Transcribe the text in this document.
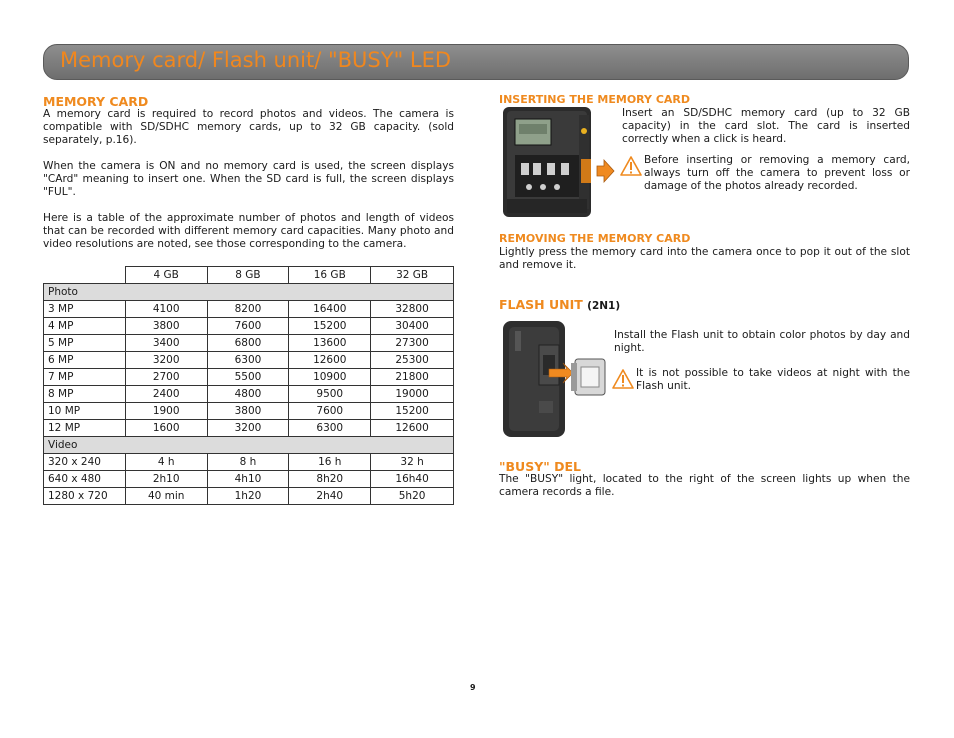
Memory card/ Flash unit/ "BUSY" LED
MEMORY CARD

A memory card is required to record photos and videos. The camera is compatible with SD/SDHC memory cards, up to 32 GB capacity. (sold separately, p.16).

When the camera is ON and no memory card is used, the screen displays "CArd" meaning to insert one. When the SD card is full, the screen displays "FUL".

Here is a table of the approximate number of photos and length of videos that can be recorded with different memory card capacities. Many photo and video resolutions are noted, see those corresponding to the camera.

	4 GB	8 GB	16 GB	32 GB
Photo				
3 MP	4100	8200	16400	32800
4 MP	3800	7600	15200	30400
5 MP	3400	6800	13600	27300
6 MP	3200	6300	12600	25300
7 MP	2700	5500	10900	21800
8 MP	2400	4800	9500	19000
10 MP	1900	3800	7600	15200
12 MP	1600	3200	6300	12600
Video				
320 x 240	4 h	8 h	16 h	32 h
640 x 480	2h10	4h10	8h20	16h40
1280 x 720	40 min	1h20	2h40	5h20
INSERTING THE MEMORY CARD

Insert an SD/SDHC memory card (up to 32 GB capacity) in the card slot. The card is inserted correctly when a click is heard.

Before inserting or removing a memory card, always turn off the camera to prevent loss or damage of the photos already recorded.

REMOVING THE MEMORY CARD

Lightly press the memory card into the camera once to pop it out of the slot and remove it.

FLASH UNIT (2N1)

Install the Flash unit to obtain color photos by day and night.

It is not possible to take videos at night with the Flash unit.

"BUSY" DEL

The "BUSY" light, located to the right of the screen lights up when the camera records a file.

9
